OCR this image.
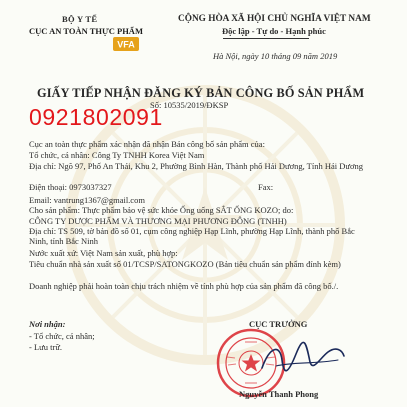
BỘ Y TẾ

CỤC AN TOÀN THỰC PHẨM

VFA

CỘNG HÒA XÃ HỘI CHỦ NGHĨA VIỆT NAM

Độc lập - Tự do - Hạnh phúc

Hà Nội, ngày 10 tháng 09 năm 2019

GIẤY TIẾP NHẬN ĐĂNG KÝ BẢN CÔNG BỐ SẢN PHẨM

Số: 10535/2019/ĐKSP

0921802091

Cục an toàn thực phẩm xác nhận đã nhận Bản công bố sản phẩm của:

Tổ chức, cá nhân: Công Ty TNHH Korea Việt Nam

Địa chỉ: Ngõ 97, Phố An Thái, Khu 2, Phường Bình Hàn, Thành phố Hải Dương, Tỉnh Hải Dương

Điện thoại: 0973037327	Fax:

Email: vantrung1367@gmail.com

Cho sản phẩm: Thực phẩm bảo vệ sức khỏe Ống uống SẮT ỐNG KOZO; do:

CÔNG TY DƯỢC PHẨM VÀ THƯƠNG MẠI PHƯƠNG ĐÔNG (TNHH)

Địa chỉ: TS 509, tờ bản đồ số 01, cụm công nghiệp Hạp Lĩnh, phường Hạp Lĩnh, thành phố Bắc Ninh, tỉnh Bắc Ninh

Nước xuất xứ: Việt Nam sản xuất, phù hợp:

Tiêu chuẩn nhà sản xuất số 01/TCSP/SATONGKOZO (Bản tiêu chuẩn sản phẩm đính kèm)

Doanh nghiệp phải hoàn toàn chịu trách nhiệm về tính phù hợp của sản phẩm đã công bố./.

Nơi nhận:

- Tổ chức, cá nhân;

- Lưu trữ.

CỤC TRƯỞNG

Nguyễn Thanh Phong
